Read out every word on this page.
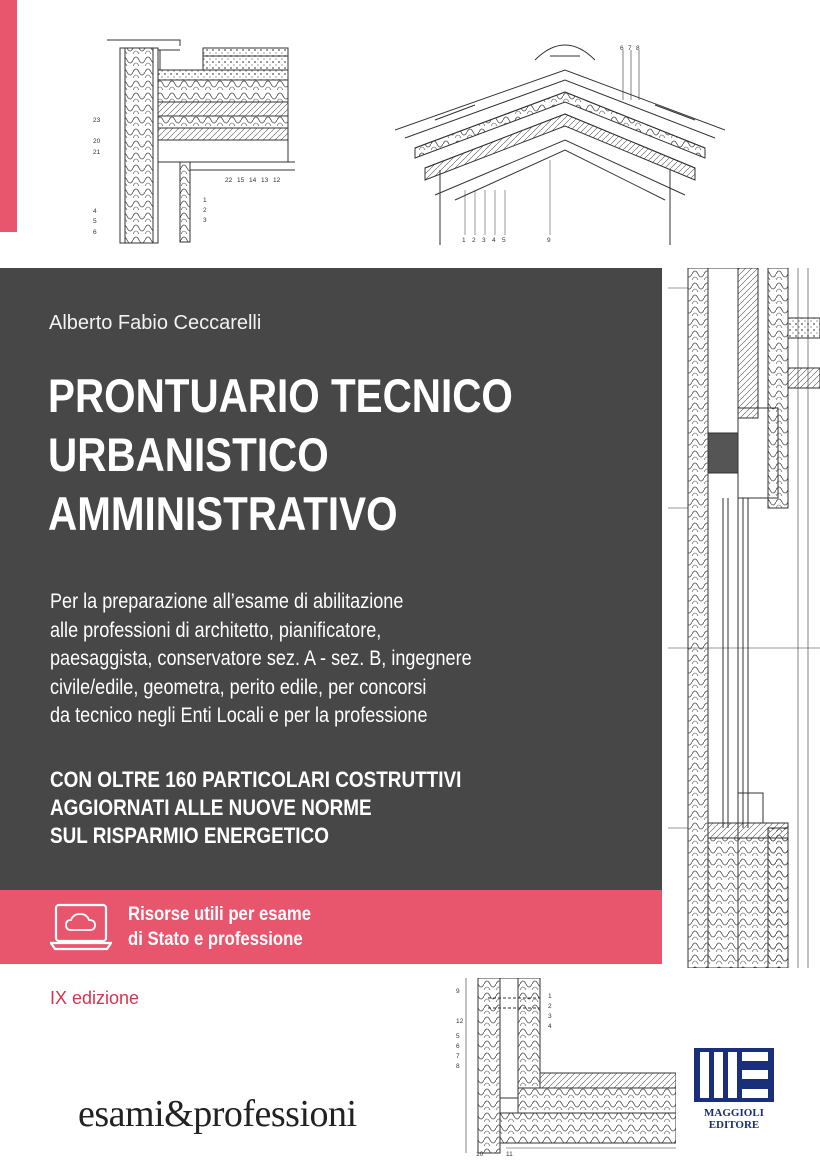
23
20
21
4
5
6
1
2
3
22 15 14 13 12
6 7 8
1 2 3 4 5	9
9
12
5
6
7
8
1
2
3
4
10	11
Alberto Fabio Ceccarelli
PRONTUARIO TECNICO
URBANISTICO
AMMINISTRATIVO
Per la preparazione all’esame di abilitazione
alle professioni di architetto, pianificatore,
paesaggista, conservatore sez. A - sez. B, ingegnere
civile/edile, geometra, perito edile, per concorsi
da tecnico negli Enti Locali e per la professione
CON OLTRE 160 PARTICOLARI COSTRUTTIVI
AGGIORNATI ALLE NUOVE NORME
SUL RISPARMIO ENERGETICO
Risorse utili per esame
di Stato e professione
IX edizione
esami&professioni	MAGGIOLI
EDITORE
